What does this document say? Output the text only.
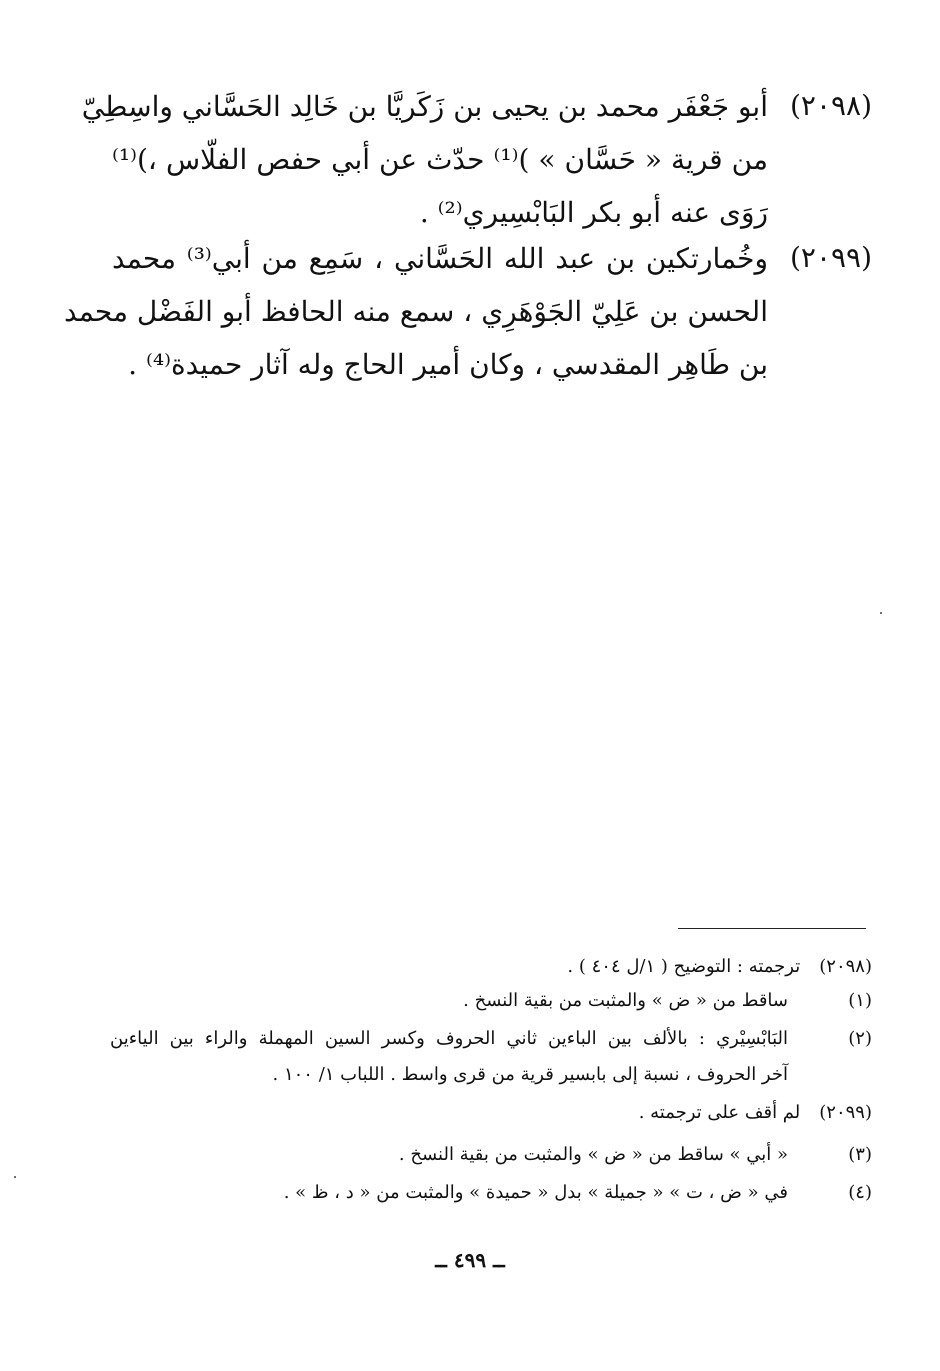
(٢٠٩٨)
أبو جَعْفَر محمد بن يحيى بن زَكَريَّا بن خَالِد الحَسَّاني واسِطِيّ
من قرية « حَسَّان » )⁽¹⁾ حدّث عن أبي حفص الفلّاس ،)⁽¹⁾
رَوَى عنه أبو بكر البَابْسِيري⁽²⁾ .
(٢٠٩٩)
وخُمارتكين بن عبد الله الحَسَّاني ، سَمِع من أبي⁽³⁾ محمد
الحسن بن عَلِيّ الجَوْهَرِي ، سمع منه الحافظ أبو الفَضْل محمد
بن طَاهِر المقدسي ، وكان أمير الحاج وله آثار حميدة⁽⁴⁾ .
(٢٠٩٨) ترجمته : التوضيح ( ١/ل ٤٠٤ ) .
(١)
ساقط من « ض » والمثبت من بقية النسخ .
(٢)
البَابْسِيْري : بالألف بين الباءين ثاني الحروف وكسر السين المهملة والراء بين الياءين
آخر الحروف ، نسبة إلى بابسير قرية من قرى واسط . اللباب ١/ ١٠٠ .
(٢٠٩٩) لم أقف على ترجمته .
(٣)
« أبي » ساقط من « ض » والمثبت من بقية النسخ .
(٤)
في « ض ، ت » « جميلة » بدل « حميدة » والمثبت من « د ، ظ » .
ــ ٤٩٩ ــ
